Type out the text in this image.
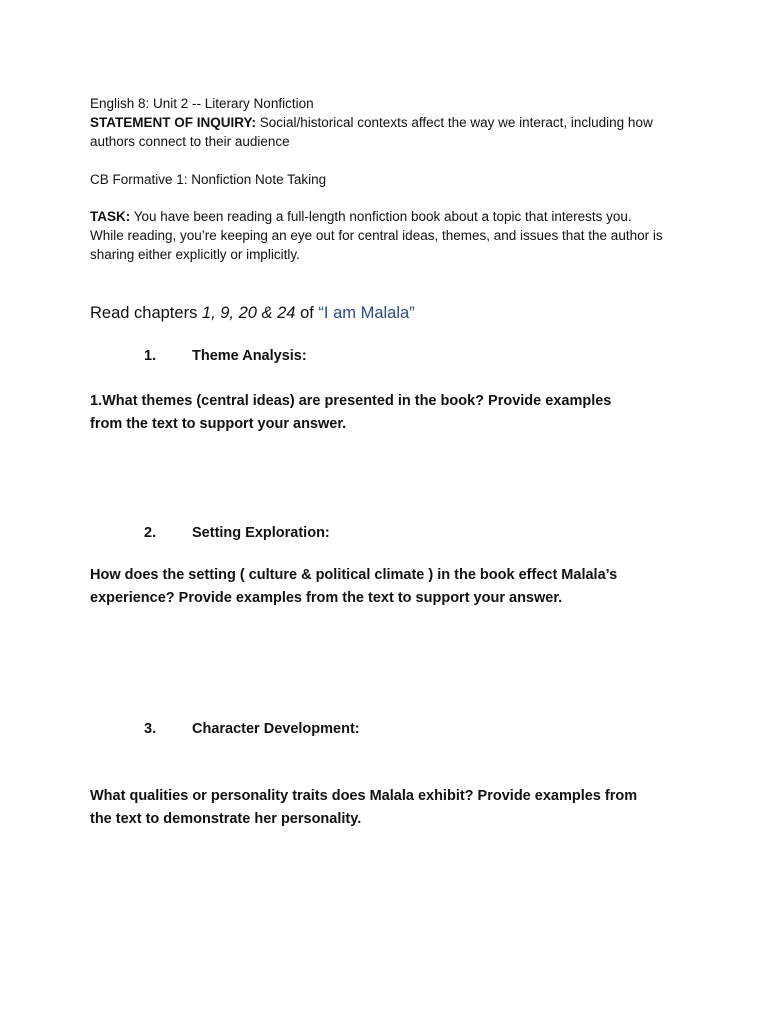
English 8: Unit 2 -- Literary Nonfiction
STATEMENT OF INQUIRY: Social/historical contexts affect the way we interact, including how
authors connect to their audience
CB Formative 1: Nonfiction Note Taking
TASK: You have been reading a full-length nonfiction book about a topic that interests you.
While reading, you’re keeping an eye out for central ideas, themes, and issues that the author is
sharing either explicitly or implicitly.
Read chapters 1, 9, 20 & 24 of “I am Malala”
1. Theme Analysis:
1.What themes (central ideas) are presented in the book? Provide examples
from the text to support your answer.
2. Setting Exploration:
How does the setting ( culture & political climate ) in the book effect Malala’s
experience? Provide examples from the text to support your answer.
3. Character Development:
What qualities or personality traits does Malala exhibit? Provide examples from
the text to demonstrate her personality.
